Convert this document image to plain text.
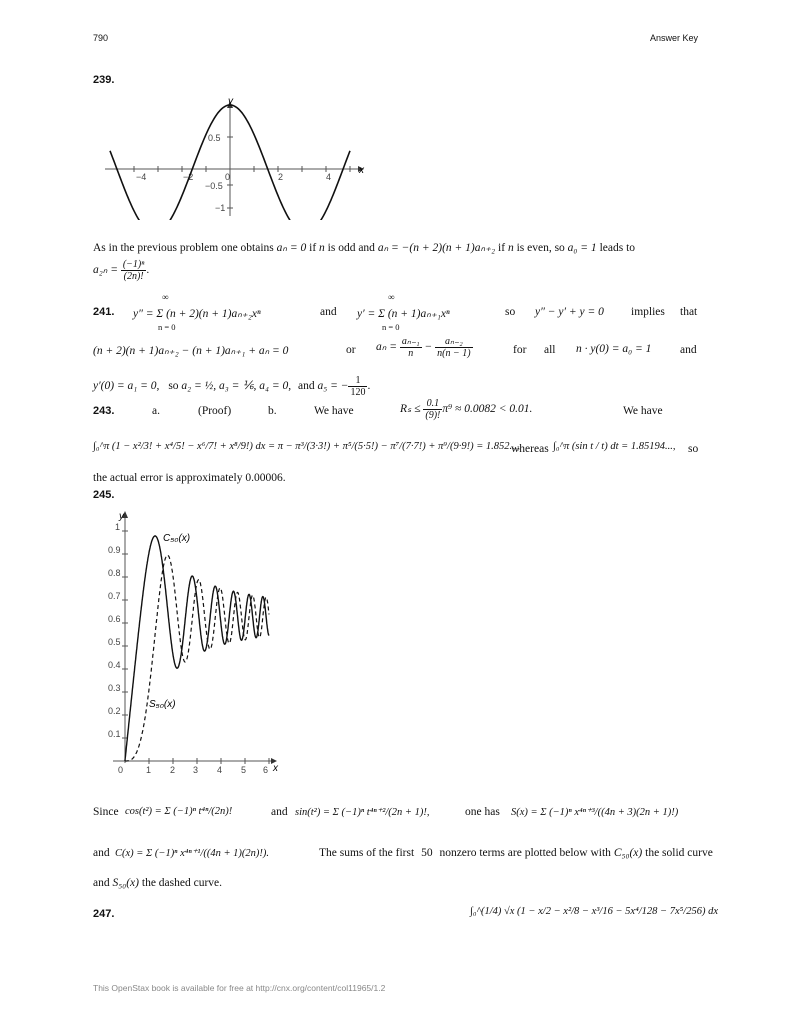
790	Answer Key
239.
y
x
−4	−2	0	2	4
0.5
−0.5
−1
As in the previous problem one obtains aₙ = 0 if n is odd and aₙ = −(n + 2)(n + 1)aₙ₊₂ if n is even, so a₀ = 1 leads to
$a_{2n} = \frac{\text{(−1)ⁿ}}{(2n)!}$ .
241.
∞
n = 0
∞
n = 0
y″ = Σ (n + 2)(n + 1)aₙ₊₂xⁿ	and y′ = Σ (n + 1)aₙ₊₁xⁿ	so y″ − y′ + y = 0 implies that
(n + 2)(n + 1)aₙ₊₂ − (n + 1)aₙ₊₁ + aₙ = 0	or $a_n = \frac{\text{aₙ₋₁}}{n} - \frac{\text{aₙ₋₂}}{n(n - 1)}$	for all n · y(0) = a₀ = 1 and
y′(0) = a₁ = 0, so a₂ = ½, a₃ = ⅙, a₄ = 0, and a₅ = − $\frac{1}{120}$ .
243.	a.	(Proof)	b.	We have	$R_s \le \frac{0.1}{(9)!} \pi^9 \approx 0.0082 < 0.01$.	We have
∫₀^π (1 − x²/3! + x⁴/5! − x⁶/7! + x⁸/9!) dx = π − π³/(3·3!) + π⁵/(5·5!) − π⁷/(7·7!) + π⁹/(9·9!) = 1.852...,
whereas ∫₀^π (sin t / t) dt = 1.85194..., so
the actual error is approximately 0.00006.
245.
y
x
1
0.9
0.8
0.7
0.6
0.5
0.4
0.3
0.2
0.1
0	1 2 3 4 5 6
C₅₀(x)
S₅₀(x)
Since cos(t²) = Σ (−1)ⁿ t⁴ⁿ/(2n)!	and sin(t²) = Σ (−1)ⁿ t⁴ⁿ⁺²/(2n + 1)!,	one has S(x) = Σ (−1)ⁿ x⁴ⁿ⁺³/((4n + 3)(2n + 1)!)
and C(x) = Σ (−1)ⁿ x⁴ⁿ⁺¹/((4n + 1)(2n)!).	The sums of the first 50 nonzero terms are plotted below with C₅₀(x) the solid curve
and S₅₀(x) the dashed curve.
247.	∫₀^(1/4) √x (1 − x/2 − x²/8 − x³/16 − 5x⁴/128 − 7x⁵/256) dx
This OpenStax book is available for free at http://cnx.org/content/col11965/1.2
